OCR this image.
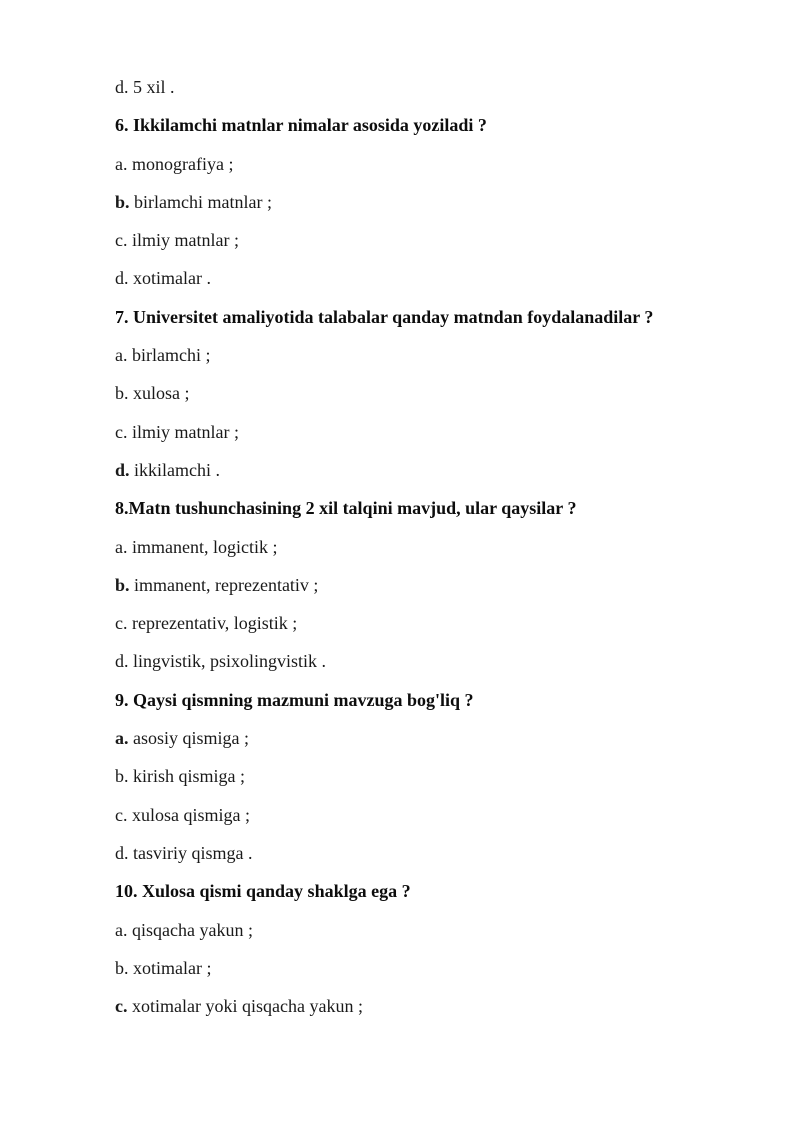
d. 5 xil .
6. Ikkilamchi matnlar nimalar asosida yoziladi ?
a. monografiya ;
b. birlamchi matnlar ;
c. ilmiy matnlar ;
d. xotimalar .
7. Universitet amaliyotida talabalar qanday matndan foydalanadilar ?
a. birlamchi ;
b. xulosa ;
c. ilmiy matnlar ;
d. ikkilamchi .
8.Matn tushunchasining 2 xil talqini mavjud, ular qaysilar ?
a. immanent, logictik ;
b. immanent, reprezentativ ;
c. reprezentativ, logistik ;
d. lingvistik, psixolingvistik .
9. Qaysi qismning mazmuni mavzuga bog'liq ?
a. asosiy qismiga ;
b. kirish qismiga ;
c. xulosa qismiga ;
d. tasviriy qismga .
10. Xulosa qismi qanday shaklga ega ?
a. qisqacha yakun ;
b. xotimalar ;
c. xotimalar yoki qisqacha yakun ;
